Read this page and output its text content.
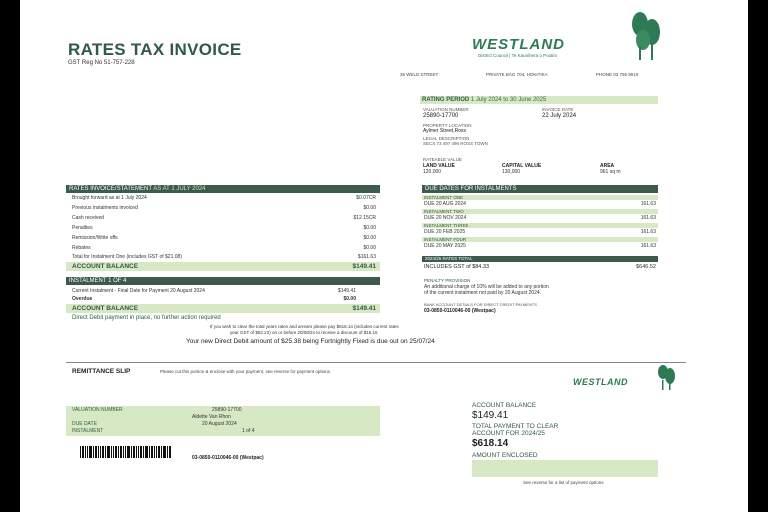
RATES TAX INVOICE
GST Reg No 51-757-228
WESTLAND
District Council | Te Kaunihera o Poutini
36 WELD STREET	PRIVATE BAG 704, HOKITIKA	PHONE 03 756 9010
RATING PERIOD 1 July 2024 to 30 June 2025
VALUATION NUMBER	INVOICE DATE
25890-17700	22 July 2024
PROPERTY LOCATION
Aylmer Street,Ross
LEGAL DESCRIPTION
SECS 73 497 496 ROSS TOWN
RATEABLE VALUE
LAND VALUE	CAPITAL VALUE	AREA
120,000	130,000	961 sq m
RATES INVOICE/STATEMENT AS AT 1 JULY 2024
Brought forward as at 1 July 2024	$0.07CR
Previous instalments invoiced	$0.00
Cash received	$12.15CR
Penalties	$0.00
Remission/Write offs	$0.00
Rebates	$0.00
Total for Instalment One (includes GST of $21.08)	$161.63
ACCOUNT BALANCE	$149.41
INSTALMENT 1 OF 4
Current Instalment - Final Date for Payment 20 August 2024	$149.41
Overdue	$0.00
ACCOUNT BALANCE	$149.41
Direct Debit payment in place, no further action required
DUE DATES FOR INSTALMENTS
INSTALMENT ONE
DUE 20 AUG 2024	161.63
INSTALMENT TWO
DUE 20 NOV 2024	161.63
INSTALMENT THREE
DUE 20 FEB 2025	161.63
INSTALMENT FOUR
DUE 20 MAY 2025	161.63
2024/25 RATES TOTAL
INCLUDES GST of $84.33	$646.52
PENALTY PROVISION
An additional charge of 10% will be added to any portion
of the current instalment not paid by 20 August 2024.
BANK ACCOUNT DETAILS FOR DIRECT CREDIT PAYMENTS
03-0850-0110046-00 (Westpac)
If you wish to clear the total years rates and arrears please pay $618.14 (includes current rates
year GST of $82.22) on or before 20/08/24 to receive a discount of $16.16
Your new Direct Debit amount of $25.38 being Fortnightly Fixed is due out on 25/07/24
REMITTANCE SLIP	Please cut this portion & enclose with your payment, see reverse for payment options.
WESTLAND
VALUATION NUMBER	25890-17700
Aldette Van Rhon
DUE DATE	20 August 2024
INSTALMENT	1 of 4
03-0850-0110046-00 (Westpac)
ACCOUNT BALANCE
$149.41
TOTAL PAYMENT TO CLEAR
ACCOUNT FOR 2024/25
$618.14
AMOUNT ENCLOSED
See reverse for a list of payment options
